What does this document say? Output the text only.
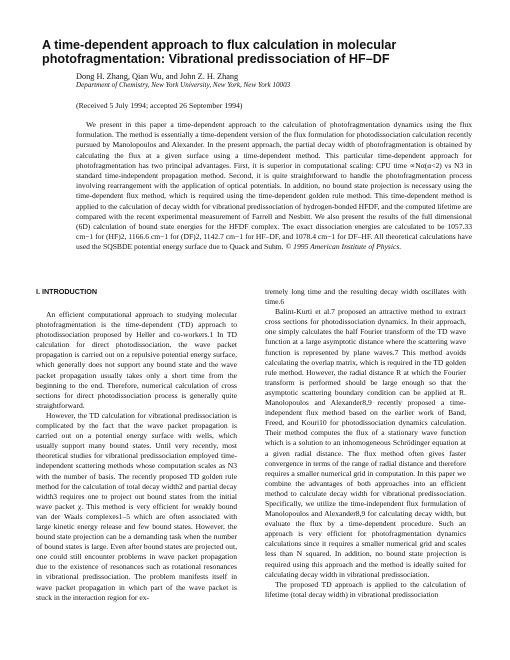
A time-dependent approach to flux calculation in molecular photofragmentation: Vibrational predissociation of HF–DF
Dong H. Zhang, Qian Wu, and John Z. H. Zhang
Department of Chemistry, New York University, New York, New York 10003
(Received 5 July 1994; accepted 26 September 1994)

We present in this paper a time-dependent approach to the calculation of photofragmentation dynamics using the flux formulation. The method is essentially a time-dependent version of the flux formulation for photodissociation calculation recently pursued by Manolopoulos and Alexander. In the present approach, the partial decay width of photofragmentation is obtained by calculating the flux at a given surface using a time-dependent method. This particular time-dependent approach for photofragmentation has two principal advantages. First, it is superior in computational scaling: CPU time ∝Nα(α<2) vs N3 in standard time-independent propagation method. Second, it is quite straightforward to handle the photofragmentation process involving rearrangement with the application of optical potentials. In addition, no bound state projection is necessary using the time-dependent flux method, which is required using the time-dependent golden rule method. This time-dependent method is applied to the calculation of decay width for vibrational predissociation of hydrogen-bonded HFDF, and the computed lifetime are compared with the recent experimental measurement of Farrell and Nesbitt. We also present the results of the full dimensional (6D) calculation of bound state energies for the HFDF complex. The exact dissociation energies are calculated to be 1057.33 cm−1 for (HF)2, 1166.6 cm−1 for (DF)2, 1142.7 cm−1 for HF–DF, and 1078.4 cm−1 for DF–HF. All theoretical calculations have used the SQSBDE potential energy surface due to Quack and Suhm. © 1995 American Institute of Physics.

I. INTRODUCTION

An efficient computational approach to studying molecular photofragmentation is the time-dependent (TD) approach to photodissociation proposed by Heller and co-workers.1 In TD calculation for direct photodissociation, the wave packet propagation is carried out on a repulsive potential energy surface, which generally does not support any bound state and the wave packet propagation usually takes only a short time from the beginning to the end. Therefore, numerical calculation of cross sections for direct photodissociation process is generally quite straightforward.

However, the TD calculation for vibrational predissociation is complicated by the fact that the wave packet propagation is carried out on a potential energy surface with wells, which usually support many bound states. Until very recently, most theoretical studies for vibrational predissociation employed time-independent scattering methods whose computation scales as N3 with the number of basis. The recently proposed TD golden rule method for the calculation of total decay width2 and partial decay width3 requires one to project out bound states from the initial wave packet χ. This method is very efficient for weakly bound van der Waals complexes1–5 which are often associated with large kinetic energy release and few bound states. However, the bound state projection can be a demanding task when the number of bound states is large. Even after bound states are projected out, one could still encounter problems in wave packet propagation due to the existence of resonances such as rotational resonances in vibrational predissociation. The problem manifests itself in wave packet propagation in which part of the wave packet is stuck in the interaction region for ex-

tremely long time and the resulting decay width oscillates with time.6

Balint-Kurti et al.7 proposed an attractive method to extract cross sections for photodissociation dynamics. In their approach, one simply calculates the half Fourier transform of the TD wave function at a large asymptotic distance where the scattering wave function is represented by plane waves.7 This method avoids calculating the overlap matrix, which is required in the TD golden rule method. However, the radial distance R at which the Fourier transform is performed should be large enough so that the asymptotic scattering boundary condition can be applied at R. Manolopoulos and Alexander8,9 recently proposed a time-independent flux method based on the earlier work of Band, Freed, and Kouri10 for photodissociation dynamics calculation. Their method computes the flux of a stationary wave function which is a solution to an inhomogeneous Schrödinger equation at a given radial distance. The flux method often gives faster convergence in terms of the range of radial distance and therefore requires a smaller numerical grid in computation. In this paper we combine the advantages of both approaches into an efficient method to calculate decay width for vibrational predissociation. Specifically, we utilize the time-independent flux formulation of Manolopoulos and Alexander8,9 for calculating decay width, but evaluate the flux by a time-dependent procedure. Such an approach is very efficient for photofragmentation dynamics calculations since it requires a smaller numerical grid and scales less than N squared. In addition, no bound state projection is required using this approach and the method is ideally suited for calculating decay width in vibrational predissociation.

The proposed TD approach is applied to the calculation of lifetime (total decay width) in vibrational predissociation
